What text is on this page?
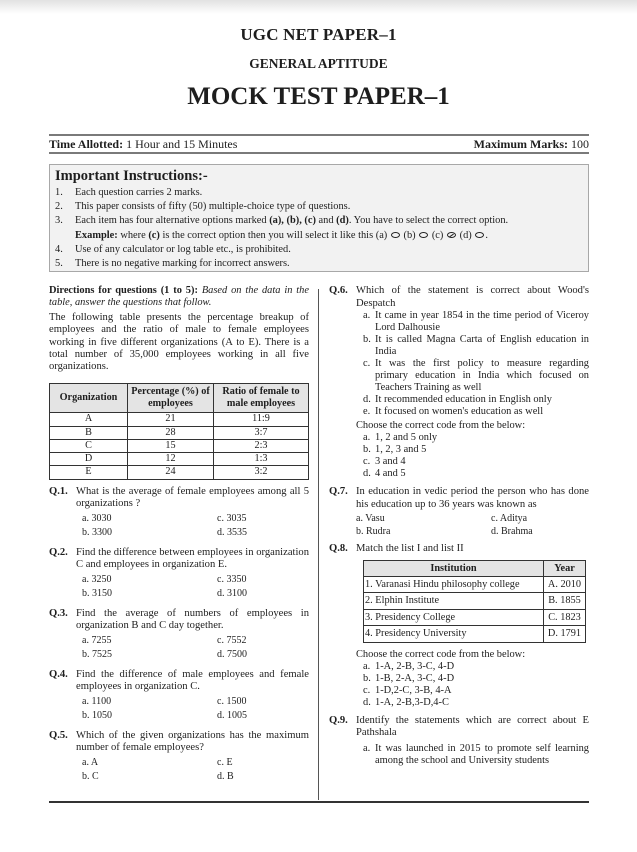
UGC NET PAPER–1
GENERAL APTITUDE
MOCK TEST PAPER–1
Time Allotted: 1 Hour and 15 Minutes	Maximum Marks: 100
Important Instructions:-
1.	Each question carries 2 marks.
2.	This paper consists of fifty (50) multiple-choice type of questions.
3.	Each item has four alternative options marked (a), (b), (c) and (d). You have to select the correct option.
Example: where (c) is the correct option then you will select it like this (a) (b) (c) (d) .
4.	Use of any calculator or log table etc., is prohibited.
5.	There is no negative marking for incorrect answers.
Directions for questions (1 to 5): Based on the data in the table, answer the questions that follow.
The following table presents the percentage breakup of employees and the ratio of male to female employees working in five different organizations (A to E). There is a total number of 35,000 employees working in all five organizations.
Organization	Percentage (%) of employees	Ratio of female to male employees
A	21	11:9
B	28	3:7
C	15	2:3
D	12	1:3
E	24	3:2
Q.1. What is the average of female employees among all 5 organizations ?
a. 3030	c. 3035
b. 3300	d. 3535
Q.2. Find the difference between employees in organization C and employees in organization E.
a. 3250	c. 3350
b. 3150	d. 3100
Q.3. Find the average of numbers of employees in organization B and C day together.
a. 7255	c. 7552
b. 7525	d. 7500
Q.4. Find the difference of male employees and female employees in organization C.
a. 1100	c. 1500
b. 1050	d. 1005
Q.5. Which of the given organizations has the maximum number of female employees?
a. A	c. E
b. C	d. B
Q.6. Which of the statement is correct about Wood's Despatch
a. It came in year 1854 in the time period of Viceroy Lord Dalhousie
b. It is called Magna Carta of English education in India
c. It was the first policy to measure regarding primary education in India which focused on Teachers Training as well
d. It recommended education in English only
e. It focused on women's education as well
Choose the correct code from the below:
a. 1, 2 and 5 only
b. 1, 2, 3 and 5
c. 3 and 4
d. 4 and 5
Q.7. In education in vedic period the person who has done his education up to 36 years was known as
a. Vasu	c. Aditya
b. Rudra	d. Brahma
Q.8. Match the list I and list II
Institution	Year
1. Varanasi Hindu philosophy college	A. 2010
2. Elphin Institute	B. 1855
3. Presidency College	C. 1823
4. Presidency University	D. 1791
Choose the correct code from the below:
a. 1-A, 2-B, 3-C, 4-D
b. 1-B, 2-A, 3-C, 4-D
c. 1-D,2-C, 3-B, 4-A
d. 1-A, 2-B,3-D,4-C
Q.9. Identify the statements which are correct about E Pathshala
a. It was launched in 2015 to promote self learning among the school and University students
